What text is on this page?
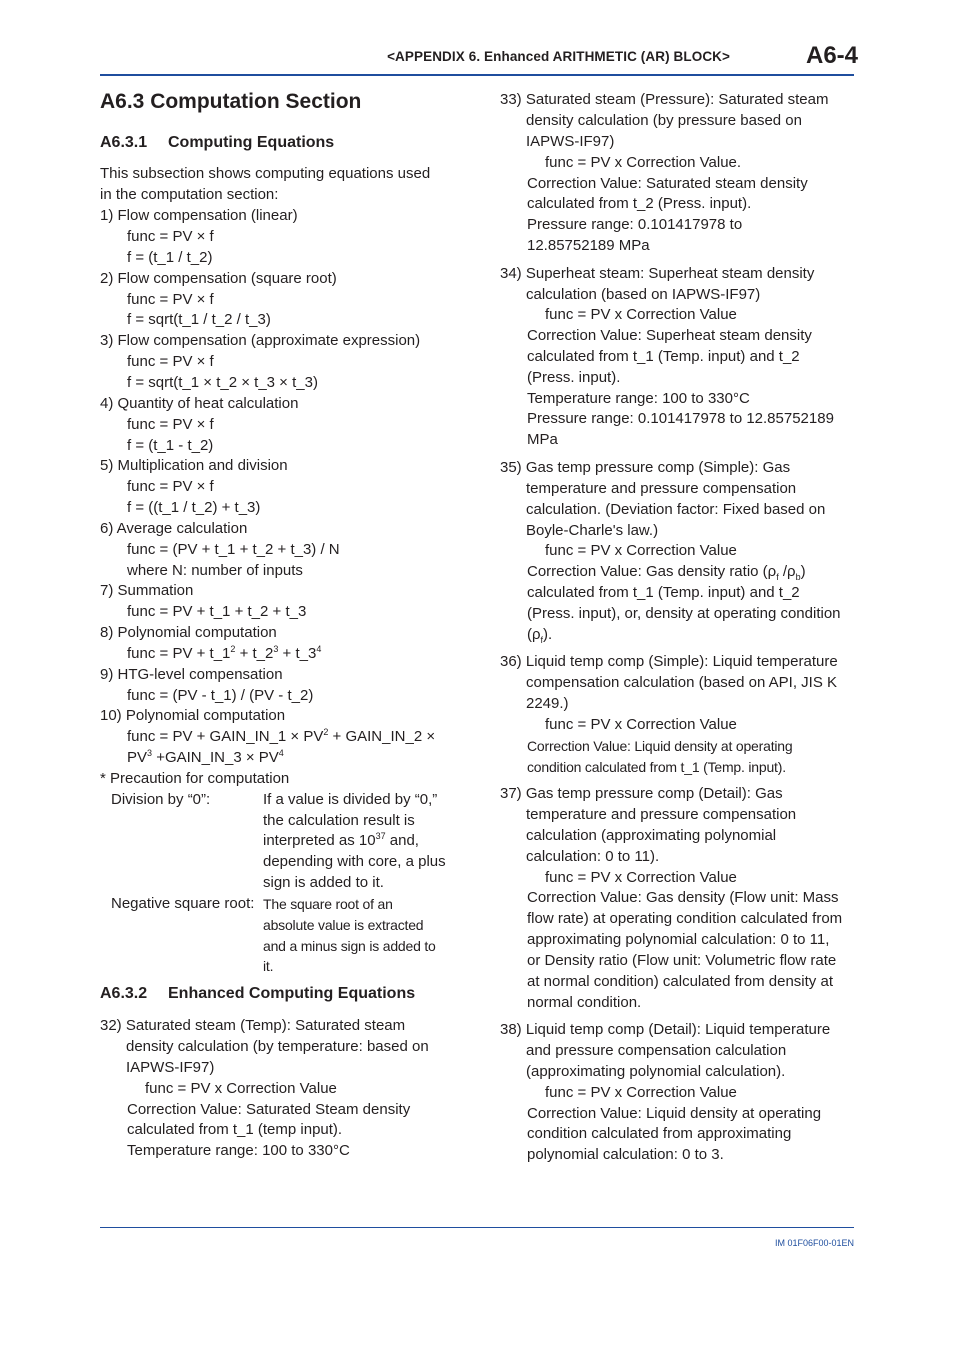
<APPENDIX 6. Enhanced ARITHMETIC (AR) BLOCK>	A6-4
A6.3 Computation Section
A6.3.1 Computing Equations
This subsection shows computing equations used
in the computation section:
1) Flow compensation (linear)
func = PV × f
f = (t_1 / t_2)
2) Flow compensation (square root)
func = PV × f
f = sqrt(t_1 / t_2 / t_3)
3) Flow compensation (approximate expression)
func = PV × f
f = sqrt(t_1 × t_2 × t_3 × t_3)
4) Quantity of heat calculation
func = PV × f
f = (t_1 - t_2)
5) Multiplication and division
func = PV × f
f = ((t_1 / t_2) + t_3)
6) Average calculation
func = (PV + t_1 + t_2 + t_3) / N
where N: number of inputs
7) Summation
func = PV + t_1 + t_2 + t_3
8) Polynomial computation
func = PV + $t\_1^2$ + $t\_2^3$ + $t\_3^4$
9) HTG-level compensation
func = (PV - t_1) / (PV - t_2)
10) Polynomial computation
func = PV + GAIN_IN_1 × $PV^2$ + GAIN_IN_2 ×
$PV^3$ +GAIN_IN_3 × $PV^4$
* Precaution for computation
Division by “0”:	If a value is divided by “0,”
the calculation result is
interpreted as $10^{37}$ and,
depending with core, a plus
sign is added to it.
Negative square root: The square root of an
absolute value is extracted
and a minus sign is added to
it.
A6.3.2 Enhanced Computing Equations
32) Saturated steam (Temp): Saturated steam
density calculation (by temperature: based on
IAPWS-IF97)
func = PV x Correction Value
Correction Value: Saturated Steam density
calculated from t_1 (temp input).
Temperature range: 100 to 330°C
33) Saturated steam (Pressure): Saturated steam
density calculation (by pressure based on
IAPWS-IF97)
func = PV x Correction Value.
Correction Value: Saturated steam density
calculated from t_2 (Press. input).
Pressure range: 0.101417978 to
12.85752189 MPa
34) Superheat steam: Superheat steam density
calculation (based on IAPWS-IF97)
func = PV x Correction Value
Correction Value: Superheat steam density
calculated from t_1 (Temp. input) and t_2
(Press. input).
Temperature range: 100 to 330°C
Pressure range: 0.101417978 to 12.85752189
MPa
35) Gas temp pressure comp (Simple): Gas
temperature and pressure compensation
calculation. (Deviation factor: Fixed based on
Boyle-Charle's law.)
func = PV x Correction Value
Correction Value: Gas density ratio ($\rho_f$ $/\rho_b$)
calculated from t_1 (Temp. input) and t_2
(Press. input), or, density at operating condition
$(\rho_f)$.
36) Liquid temp comp (Simple): Liquid temperature
compensation calculation (based on API, JIS K
2249.)
func = PV x Correction Value
Correction Value: Liquid density at operating
condition calculated from t_1 (Temp. input).
37) Gas temp pressure comp (Detail): Gas
temperature and pressure compensation
calculation (approximating polynomial
calculation: 0 to 11).
func = PV x Correction Value
Correction Value: Gas density (Flow unit: Mass
flow rate) at operating condition calculated from
approximating polynomial calculation: 0 to 11,
or Density ratio (Flow unit: Volumetric flow rate
at normal condition) calculated from density at
normal condition.
38) Liquid temp comp (Detail): Liquid temperature
and pressure compensation calculation
(approximating polynomial calculation).
func = PV x Correction Value
Correction Value: Liquid density at operating
condition calculated from approximating
polynomial calculation: 0 to 3.
IM 01F06F00-01EN
